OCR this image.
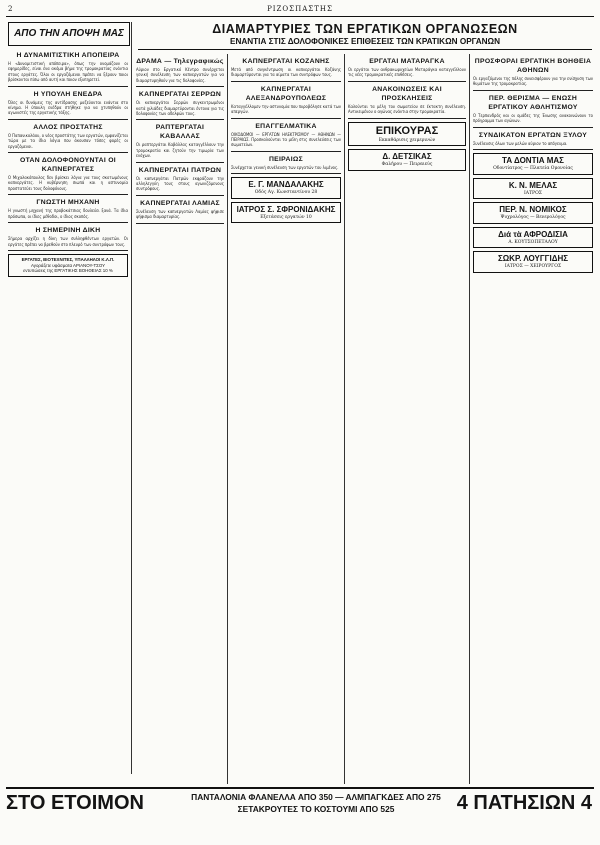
2	ΡΙΖΟΣΠΑΣΤΗΣ
ΑΠΟ ΤΗΝ ΑΠΟΨΗ ΜΑΣ	ΔΙΑΜΑΡΤΥΡΙΕΣ ΤΩΝ ΕΡΓΑΤΙΚΩΝ ΟΡΓΑΝΩΣΕΩΝ
ΕΝΑΝΤΙΑ ΣΤΙΣ ΔΟΛΟΦΟΝΙΚΕΣ ΕΠΙΘΕΣΕΙΣ ΤΩΝ ΚΡΑΤΙΚΩΝ ΟΡΓΑΝΩΝ
Η ΔΥΝΑΜΙΤΙΣΤΙΚΗ ΑΠΟΠΕΙΡΑ
Η «Δυναμιτιστική απόπειρα», όπως την ονομάζουν οι εφημερίδες, είναι ένα ακόμα βήμα της τρομοκρατίας ενάντια στους εργάτες. Όλοι οι εργαζόμενοι πρέπει να ξέρουν ποιοι βρίσκονται πίσω από αυτή και ποιον εξυπηρετεί.
Η ΥΠΟΥΛΗ ΕΝΕΔΡΑ
Όλες οι δυνάμεις της αντίδρασης μαζεύονται ενάντια στο κίνημα. Η ύπουλη ενέδρα στήθηκε για να χτυπηθούν οι αγωνιστές της εργατικής τάξης.
ΑΛΛΟΣ ΠΡΟΣΤΑΤΗΣ
Ο Παπανικολάου, ο νέος προστάτης των εργατών, εμφανίζεται τώρα με τα ίδια λόγια που άκουσαν τόσες φορές οι εργαζόμενοι.
ΟΤΑΝ ΔΟΛΟΦΟΝΟΥΝΤΑΙ ΟΙ ΚΑΠΝΕΡΓΑΤΕΣ
Ο Μιχαλακόπουλος δεν βρίσκει λόγια για τους σκοτωμένους καπνεργάτες. Η κυβέρνηση σιωπά και η αστυνομία προστατεύει τους δολοφόνους.
ΓΝΩΣΤΗ ΜΗΧΑΝΗ
Η γνωστή μηχανή της προβοκάτσιας δουλεύει ξανά. Τα ίδια πρόσωπα, οι ίδιες μέθοδοι, ο ίδιος σκοπός.
Η ΣΗΜΕΡΙΝΗ ΔΙΚΗ
Σήμερα αρχίζει η δίκη των συλληφθέντων εργατών. Οι εργάτες πρέπει να βρεθούν στο πλευρό των συντρόφων τους.
ΕΡΓΑΤΕΣ, ΒΙΟΤΕΧΝΙΤΕΣ, ΥΠΑΛΛΗΛΟΙ Κ.Λ.Π.
Αγοράζετε υφάσματα ΑΡΙΑΝΟΥ-ΤΣΟΥ
εντυπώσεις της ΕΡΓΑΤΙΚΗΣ ΒΟΗΘΕΙΑΣ 10 %
ΔΡΑΜΑ — Τηλεγραφικώς
Αύριον στο Εργατικό Κέντρο συνέρχεται γενική συνέλευση των καπνεργατών για να διαμαρτυρηθούν για τις δολοφονίες.
ΚΑΠΝΕΡΓΑΤΑΙ ΣΕΡΡΩΝ
Οι καπνεργάται Σερρών συγκεντρωμένοι κατά χιλιάδες διαμαρτύρονται έντονα για τις δολοφονίες των αδελφών τους.
ΡΑΠΤΕΡΓΑΤΑΙ ΚΑΒΑΛΛΑΣ
Οι ραπτεργάται Καβάλλας καταγγέλλουν την τρομοκρατία και ζητούν την τιμωρία των ενόχων.
ΚΑΠΝΕΡΓΑΤΑΙ ΠΑΤΡΩΝ
Οι καπνεργάται Πατρών εκφράζουν την αλληλεγγύη τους στους αγωνιζόμενους συντρόφους.
ΚΑΠΝΕΡΓΑΤΑΙ ΛΑΜΙΑΣ
Συνέλευση των καπνεργατών Λαμίας ψήφισε ψήφισμα διαμαρτυρίας.
ΚΑΠΝΕΡΓΑΤΑΙ ΚΟΖΑΝΗΣ
Μετά από συγκέντρωση οι καπνεργάται Κοζάνης διαμαρτύρονται για τα αίματα των συντρόφων τους.
ΚΑΠΝΕΡΓΑΤΑΙ ΑΛΕΞΑΝΔΡΟΥΠΟΛΕΩΣ
Καταγγέλλομεν την αστυνομία που πυροβόλησε κατά των απεργών.
ΕΠΑΓΓΕΛΜΑΤΙΚΑ
ΟΙΚΟΔΟΜΟΙ — ΕΡΓΑΤΩΝ ΗΛΕΚΤΡΙΣΜΟΥ — ΑΘΗΝΩΝ — ΠΕΙΡΑΙΩΣ. Προσκαλούνται τα μέλη στις συνελεύσεις των σωματείων.
ΠΕΙΡΑΙΩΣ
Συνέρχεται γενική συνέλευση των εργατών του λιμένος.
Ε. Γ. ΜΑΝΔΑΛΑΚΗΣ
Οδός Αγ. Κωνσταντίνου 28
ΙΑΤΡΟΣ Σ. ΣΦΡΟΝΙΔΑΚΗΣ
Εξετάσεις εργατών 10
ΕΡΓΑΤΑΙ ΜΑΤΑΡΑΓΚΑ
Οι εργάται των ανθρακωρυχείων Ματαράγκα καταγγέλλουν τις νέες τρομοκρατικές επιθέσεις.
ΑΝΑΚΟΙΝΩΣΕΙΣ ΚΑΙ ΠΡΟΣΚΛΗΣΕΙΣ
Καλούνται τα μέλη του σωματείου σε έκτακτη συνέλευση. Αντικειμένου ο αγώνας ενάντια στην τρομοκρατία.
ΕΠΙΚΟΥΡΑΣ
Εκκαθάρισις χειμερινών
Δ. ΔΕΤΣΙΚΑΣ
Φαλήρου — Πειραιεύς
ΠΡΟΣΦΟΡΑΙ ΕΡΓΑΤΙΚΗ ΒΟΗΘΕΙΑ ΑΘΗΝΩΝ
Οι εργαζόμενοι της πόλης συνεισφέρουν για την ενίσχυση των θυμάτων της τρομοκρατίας.
ΠΕΡ. ΘΕΡΙΣΜΑ — ΕΝΩΣΗ ΕΡΓΑΤΙΚΟΥ ΑΘΛΗΤΙΣΜΟΥ
Ο Τερπανδρός και οι ομάδες της Ένωσης ανακοινώνουν το πρόγραμμα των αγώνων.
ΣΥΝΔΙΚΑΤΟΝ ΕΡΓΑΤΩΝ ΞΥΛΟΥ
Συνέλευσις όλων των μελών αύριον το απόγευμα.
ΤΑ ΔΟΝΤΙΑ ΜΑΣ
Οδοντίατρος — Πλατεία Ομονοίας
Κ. Ν. ΜΕΛΑΣ
ΙΑΤΡΟΣ
ΠΕΡ. Ν. ΝΟΜΙΚΟΣ
Ψυχρολόγος — Βενερολόγος
Διά τὰ ΑΦΡΟΔΙΣΙΑ
Α. ΚΟΥΤΣΟΠΕΤΑΛΟΥ
ΣΩΚΡ. ΛΟΥΓΓΙΔΗΣ
ΙΑΤΡΟΣ — ΧΕΙΡΟΥΡΓΟΣ
ΣΤΟ ΕΤΟΙΜΟΝ	ΠΑΝΤΑΛΟΝΙΑ ΦΛΑΝΕΛΛΑ ΑΠΟ 350 — ΑΛΜΠΑΓΚΔΕΣ ΑΠΟ 275
ΣΕΤΑΚΡΟΥΤΕΣ ΤΟ ΚΟΣΤΟΥΜΙ ΑΠΟ 525	4 ΠΑΤΗΣΙΩΝ 4
